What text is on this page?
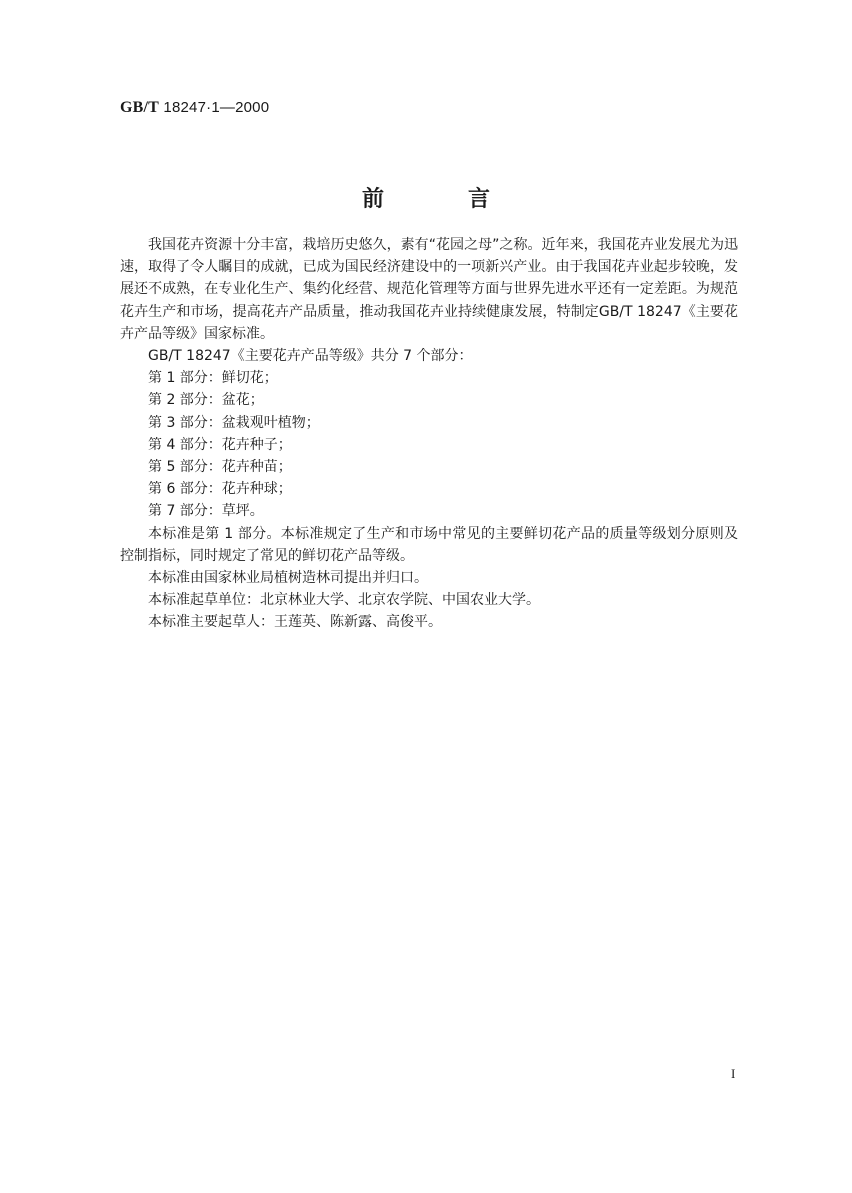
GB/T 18247·1—2000
前	言

我国花卉资源十分丰富，栽培历史悠久，素有“花园之母”之称。近年来，我国花卉业发展尤为迅速，取得了令人瞩目的成就，已成为国民经济建设中的一项新兴产业。由于我国花卉业起步较晚，发展还不成熟，在专业化生产、集约化经营、规范化管理等方面与世界先进水平还有一定差距。为规范花卉生产和市场，提高花卉产品质量，推动我国花卉业持续健康发展，特制定GB/T 18247《主要花卉产品等级》国家标准。

GB/T 18247《主要花卉产品等级》共分 7 个部分：

第 1 部分：鲜切花；

第 2 部分：盆花；

第 3 部分：盆栽观叶植物；

第 4 部分：花卉种子；

第 5 部分：花卉种苗；

第 6 部分：花卉种球；

第 7 部分：草坪。

本标准是第 1 部分。本标准规定了生产和市场中常见的主要鲜切花产品的质量等级划分原则及控制指标，同时规定了常见的鲜切花产品等级。

本标准由国家林业局植树造林司提出并归口。

本标准起草单位：北京林业大学、北京农学院、中国农业大学。

本标准主要起草人：王莲英、陈新露、高俊平。

I
